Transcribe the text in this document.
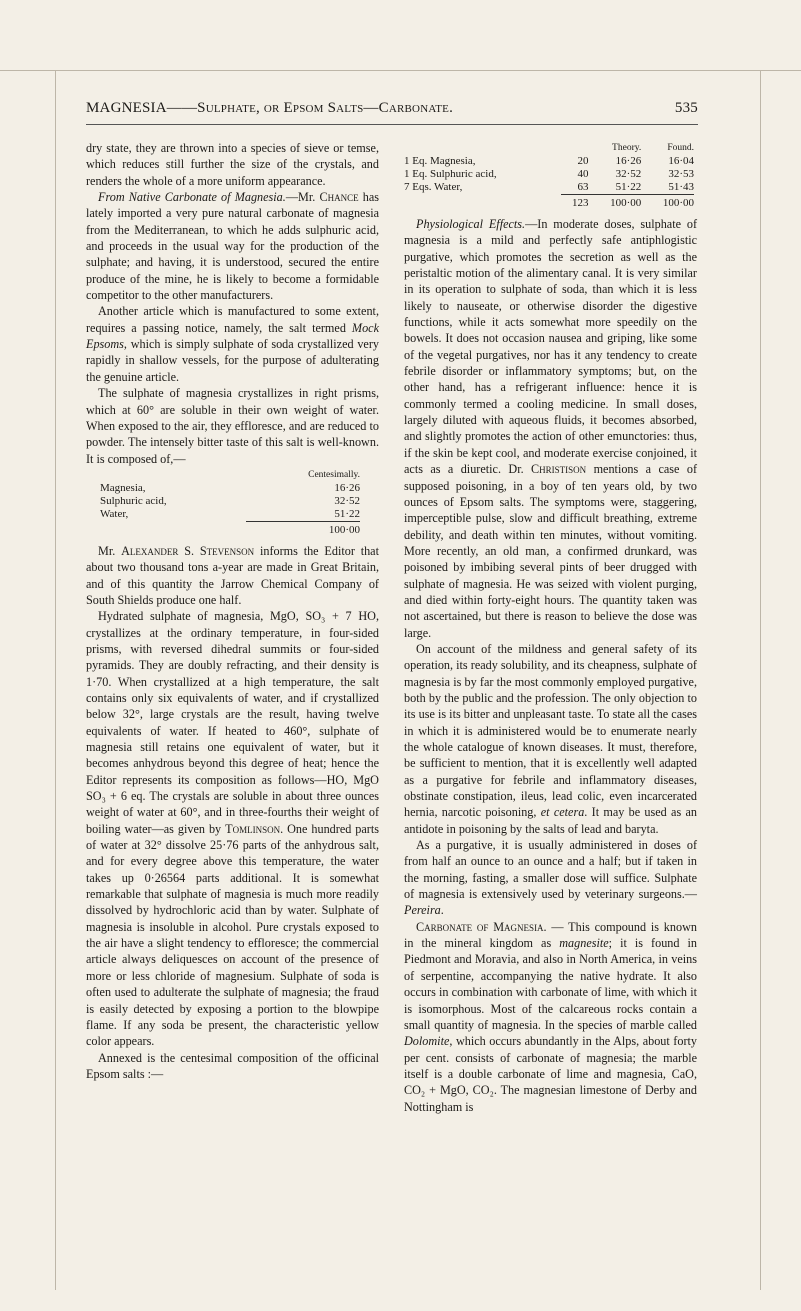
MAGNESIA——Sulphate, or Epsom Salts—Carbonate.	535

dry state, they are thrown into a species of sieve or temse, which reduces still further the size of the crystals, and renders the whole of a more uniform appearance.

From Native Carbonate of Magnesia.—Mr. Chance has lately imported a very pure natural carbonate of magnesia from the Mediterranean, to which he adds sulphuric acid, and proceeds in the usual way for the production of the sulphate; and having, it is understood, secured the entire produce of the mine, he is likely to become a formidable competitor to the other manufacturers.

Another article which is manufactured to some extent, requires a passing notice, namely, the salt termed Mock Epsoms, which is simply sulphate of soda crystallized very rapidly in shallow vessels, for the purpose of adulterating the genuine article.

The sulphate of magnesia crystallizes in right prisms, which at 60° are soluble in their own weight of water. When exposed to the air, they effloresce, and are reduced to powder. The intensely bitter taste of this salt is well-known. It is composed of,—

	Centesimally.
Magnesia,	16·26
Sulphuric acid,	32·52
Water,	51·22
	100·00

Mr. Alexander S. Stevenson informs the Editor that about two thousand tons a-year are made in Great Britain, and of this quantity the Jarrow Chemical Company of South Shields produce one half.

Hydrated sulphate of magnesia, MgO, SO₃ + 7 HO, crystallizes at the ordinary temperature, in four-sided prisms, with reversed dihedral summits or four-sided pyramids. They are doubly refracting, and their density is 1·70. When crystallized at a high temperature, the salt contains only six equivalents of water, and if crystallized below 32°, large crystals are the result, having twelve equivalents of water. If heated to 460°, sulphate of magnesia still retains one equivalent of water, but it becomes anhydrous beyond this degree of heat; hence the Editor represents its composition as follows—HO, MgO SO₃ + 6 eq. The crystals are soluble in about three ounces weight of water at 60°, and in three-fourths their weight of boiling water—as given by Tomlinson. One hundred parts of water at 32° dissolve 25·76 parts of the anhydrous salt, and for every degree above this temperature, the water takes up 0·26564 parts additional. It is somewhat remarkable that sulphate of magnesia is much more readily dissolved by hydrochloric acid than by water. Sulphate of magnesia is insoluble in alcohol. Pure crystals exposed to the air have a slight tendency to effloresce; the commercial article always deliquesces on account of the presence of more or less chloride of magnesium. Sulphate of soda is often used to adulterate the sulphate of magnesia; the fraud is easily detected by exposing a portion to the blowpipe flame. If any soda be present, the characteristic yellow color appears.

Annexed is the centesimal composition of the officinal Epsom salts :—

		Theory.	Found.
1 Eq. Magnesia,	20	16·26	16·04
1 Eq. Sulphuric acid,	40	32·52	32·53
7 Eqs. Water,	63	51·22	51·43
	123	100·00	100·00

Physiological Effects.—In moderate doses, sulphate of magnesia is a mild and perfectly safe antiphlogistic purgative, which promotes the secretion as well as the peristaltic motion of the alimentary canal. It is very similar in its operation to sulphate of soda, than which it is less likely to nauseate, or otherwise disorder the digestive functions, while it acts somewhat more speedily on the bowels. It does not occasion nausea and griping, like some of the vegetal purgatives, nor has it any tendency to create febrile disorder or inflammatory symptoms; but, on the other hand, has a refrigerant influence: hence it is commonly termed a cooling medicine. In small doses, largely diluted with aqueous fluids, it becomes absorbed, and slightly promotes the action of other emunctories: thus, if the skin be kept cool, and moderate exercise conjoined, it acts as a diuretic. Dr. Christison mentions a case of supposed poisoning, in a boy of ten years old, by two ounces of Epsom salts. The symptoms were, staggering, imperceptible pulse, slow and difficult breathing, extreme debility, and death within ten minutes, without vomiting. More recently, an old man, a confirmed drunkard, was poisoned by imbibing several pints of beer drugged with sulphate of magnesia. He was seized with violent purging, and died within forty-eight hours. The quantity taken was not ascertained, but there is reason to believe the dose was large.

On account of the mildness and general safety of its operation, its ready solubility, and its cheapness, sulphate of magnesia is by far the most commonly employed purgative, both by the public and the profession. The only objection to its use is its bitter and unpleasant taste. To state all the cases in which it is administered would be to enumerate nearly the whole catalogue of known diseases. It must, therefore, be sufficient to mention, that it is excellently well adapted as a purgative for febrile and inflammatory diseases, obstinate constipation, ileus, lead colic, even incarcerated hernia, narcotic poisoning, et cetera. It may be used as an antidote in poisoning by the salts of lead and baryta.

As a purgative, it is usually administered in doses of from half an ounce to an ounce and a half; but if taken in the morning, fasting, a smaller dose will suffice. Sulphate of magnesia is extensively used by veterinary surgeons.—Pereira.

Carbonate of Magnesia. — This compound is known in the mineral kingdom as magnesite; it is found in Piedmont and Moravia, and also in North America, in veins of serpentine, accompanying the native hydrate. It also occurs in combination with carbonate of lime, with which it is isomorphous. Most of the calcareous rocks contain a small quantity of magnesia. In the species of marble called Dolomite, which occurs abundantly in the Alps, about forty per cent. consists of carbonate of magnesia; the marble itself is a double carbonate of lime and magnesia, CaO, CO₂ + MgO, CO₂. The magnesian limestone of Derby and Nottingham is
